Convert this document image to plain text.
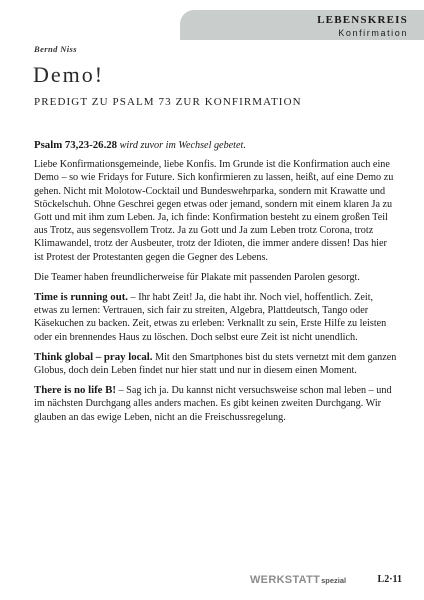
LEBENSKREIS
Konfirmation
Bernd Niss
Demo!
PREDIGT ZU PSALM 73 ZUR KONFIRMATION

Psalm 73,23-26.28 wird zuvor im Wechsel gebetet.

Liebe Konfirmationsgemeinde, liebe Konfis. Im Grunde ist die Konfirmation auch eine Demo – so wie Fridays for Future. Sich konfirmieren zu lassen, heißt, auf eine Demo zu gehen. Nicht mit Molotow-Cocktail und Bundeswehrparka, sondern mit Krawatte und Stöckelschuh. Ohne Geschrei gegen etwas oder jemand, sondern mit einem klaren Ja zu Gott und mit ihm zum Leben. Ja, ich finde: Konfirmation besteht zu einem großen Teil aus Trotz, aus segensvollem Trotz. Ja zu Gott und Ja zum Leben trotz Corona, trotz Klimawandel, trotz der Ausbeuter, trotz der Idioten, die immer andere dissen! Das hier ist Protest der Protestanten gegen die Gegner des Lebens.

Die Teamer haben freundlicherweise für Plakate mit passenden Parolen gesorgt.

Time is running out. – Ihr habt Zeit! Ja, die habt ihr. Noch viel, hoffentlich. Zeit, etwas zu lernen: Vertrauen, sich fair zu streiten, Algebra, Plattdeutsch, Tango oder Käsekuchen zu backen. Zeit, etwas zu erleben: Verknallt zu sein, Erste Hilfe zu leisten oder ein brennendes Haus zu löschen. Doch selbst eure Zeit ist nicht unendlich.

Think global – pray local. Mit den Smartphones bist du stets vernetzt mit dem ganzen Globus, doch dein Leben findet nur hier statt und nur in diesem einen Moment.

There is no life B! – Sag ich ja. Du kannst nicht versuchsweise schon mal leben – und im nächsten Durchgang alles anders machen. Es gibt keinen zweiten Durchgang. Wir glauben an das ewige Leben, nicht an die Freischussregelung.

WERKSTATTspezial	L2·11
